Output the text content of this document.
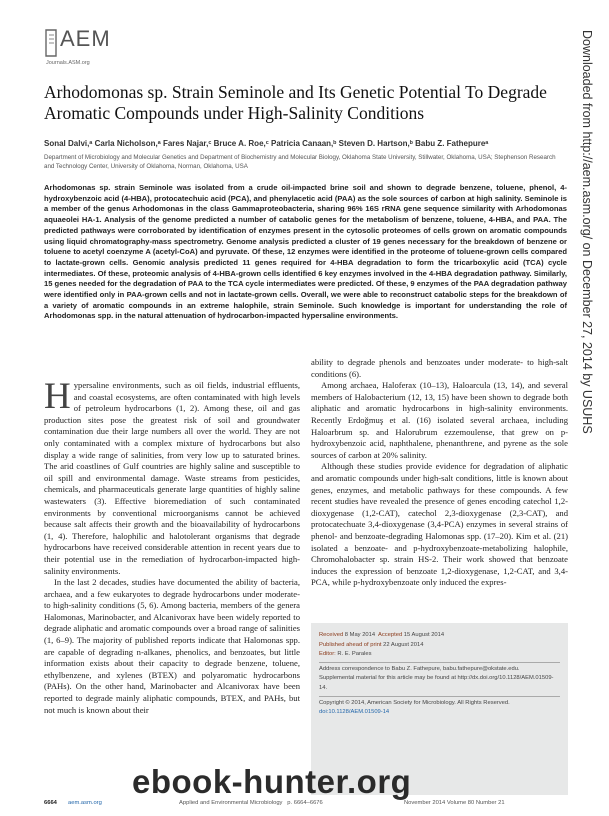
AEM
Journals.ASM.org
Arhodomonas sp. Strain Seminole and Its Genetic Potential To Degrade Aromatic Compounds under High-Salinity Conditions
Sonal Dalvi,ᵃ Carla Nicholson,ᵃ Fares Najar,ᶜ Bruce A. Roe,ᶜ Patricia Canaan,ᵇ Steven D. Hartson,ᵇ Babu Z. Fathepureᵃ
Department of Microbiology and Molecular Genetics and Department of Biochemistry and Molecular Biology, Oklahoma State University, Stillwater, Oklahoma, USA; Stephenson Research and Technology Center, University of Oklahoma, Norman, Oklahoma, USA
Arhodomonas sp. strain Seminole was isolated from a crude oil-impacted brine soil and shown to degrade benzene, toluene, phenol, 4-hydroxybenzoic acid (4-HBA), protocatechuic acid (PCA), and phenylacetic acid (PAA) as the sole sources of carbon at high salinity. Seminole is a member of the genus Arhodomonas in the class Gammaproteobacteria, sharing 96% 16S rRNA gene sequence similarity with Arhodomonas aquaeolei HA-1. Analysis of the genome predicted a number of catabolic genes for the metabolism of benzene, toluene, 4-HBA, and PAA. The predicted pathways were corroborated by identification of enzymes present in the cytosolic proteomes of cells grown on aromatic compounds using liquid chromatography-mass spectrometry. Genome analysis predicted a cluster of 19 genes necessary for the breakdown of benzene or toluene to acetyl coenzyme A (acetyl-CoA) and pyruvate. Of these, 12 enzymes were identified in the proteome of toluene-grown cells compared to lactate-grown cells. Genomic analysis predicted 11 genes required for 4-HBA degradation to form the tricarboxylic acid (TCA) cycle intermediates. Of these, proteomic analysis of 4-HBA-grown cells identified 6 key enzymes involved in the 4-HBA degradation pathway. Similarly, 15 genes needed for the degradation of PAA to the TCA cycle intermediates were predicted. Of these, 9 enzymes of the PAA degradation pathway were identified only in PAA-grown cells and not in lactate-grown cells. Overall, we were able to reconstruct catabolic steps for the breakdown of a variety of aromatic compounds in an extreme halophile, strain Seminole. Such knowledge is important for understanding the role of Arhodomonas spp. in the natural attenuation of hydrocarbon-impacted hypersaline environments.
H ypersaline environments, such as oil fields, industrial effluents, and coastal ecosystems, are often contaminated with high levels of petroleum hydrocarbons (1, 2). Among these, oil and gas production sites pose the greatest risk of soil and groundwater contamination due their large numbers all over the world. They are not only contaminated with a complex mixture of hydrocarbons but also display a wide range of salinities, from very low up to saturated brines. The arid coastlines of Gulf countries are highly saline and susceptible to oil spill and environmental damage. Waste streams from pesticides, chemicals, and pharmaceuticals generate large quantities of highly saline wastewaters (3). Effective bioremediation of such contaminated environments by conventional microorganisms cannot be achieved because salt affects their growth and the bioavailability of hydrocarbons (1, 4). Therefore, halophilic and halotolerant organisms that degrade hydrocarbons have received considerable attention in recent years due to their potential use in the remediation of hydrocarbon-impacted high-salinity environments.

In the last 2 decades, studies have documented the ability of bacteria, archaea, and a few eukaryotes to degrade hydrocarbons under moderate- to high-salinity conditions (5, 6). Among bacteria, members of the genera Halomonas, Marinobacter, and Alcanivorax have been widely reported to degrade aliphatic and aromatic compounds over a broad range of salinities (1, 6–9). The majority of published reports indicate that Halomonas spp. are capable of degrading n-alkanes, phenolics, and benzoates, but little information exists about their capacity to degrade benzene, toluene, ethylbenzene, and xylenes (BTEX) and polyaromatic hydrocarbons (PAHs). On the other hand, Marinobacter and Alcanivorax have been reported to degrade mainly aliphatic compounds, BTEX, and PAHs, but not much is known about their

ability to degrade phenols and benzoates under moderate- to high-salt conditions (6).

Among archaea, Haloferax (10–13), Haloarcula (13, 14), and several members of Halobacterium (12, 13, 15) have been shown to degrade both aliphatic and aromatic hydrocarbons in high-salinity environments. Recently Erdoğmuş et al. (16) isolated several archaea, including Haloarbrum sp. and Halorubrum ezzemoulense, that grew on p-hydroxybenzoic acid, naphthalene, phenanthrene, and pyrene as the sole sources of carbon at 20% salinity.

Although these studies provide evidence for degradation of aliphatic and aromatic compounds under high-salt conditions, little is known about genes, enzymes, and metabolic pathways for these compounds. A few recent studies have revealed the presence of genes encoding catechol 1,2-dioxygenase (1,2-CAT), catechol 2,3-dioxygenase (2,3-CAT), and protocatechuate 3,4-dioxygenase (3,4-PCA) enzymes in several strains of phenol- and benzoate-degrading Halomonas spp. (17–20). Kim et al. (21) isolated a benzoate- and p-hydroxybenzoate-metabolizing halophile, Chromohalobacter sp. strain HS-2. Their work showed that benzoate induces the expression of benzoate 1,2-dioxygenase, 1,2-CAT, and 3,4-PCA, while p-hydroxybenzoate only induced the expres-

Received 8 May 2014 Accepted 15 August 2014
Published ahead of print 22 August 2014
Editor: R. E. Parales
Address correspondence to Babu Z. Fathepure, babu.fathepure@okstate.edu.
Supplemental material for this article may be found at http://dx.doi.org/10.1128/AEM.01509-14.
Copyright © 2014, American Society for Microbiology. All Rights Reserved.
doi:10.1128/AEM.01509-14
6664 aem.asm.org	Applied and Environmental Microbiology p. 6664–6676	November 2014 Volume 80 Number 21
Downloaded from http://aem.asm.org/ on December 27, 2014 by USUHS
ebook-hunter.org
